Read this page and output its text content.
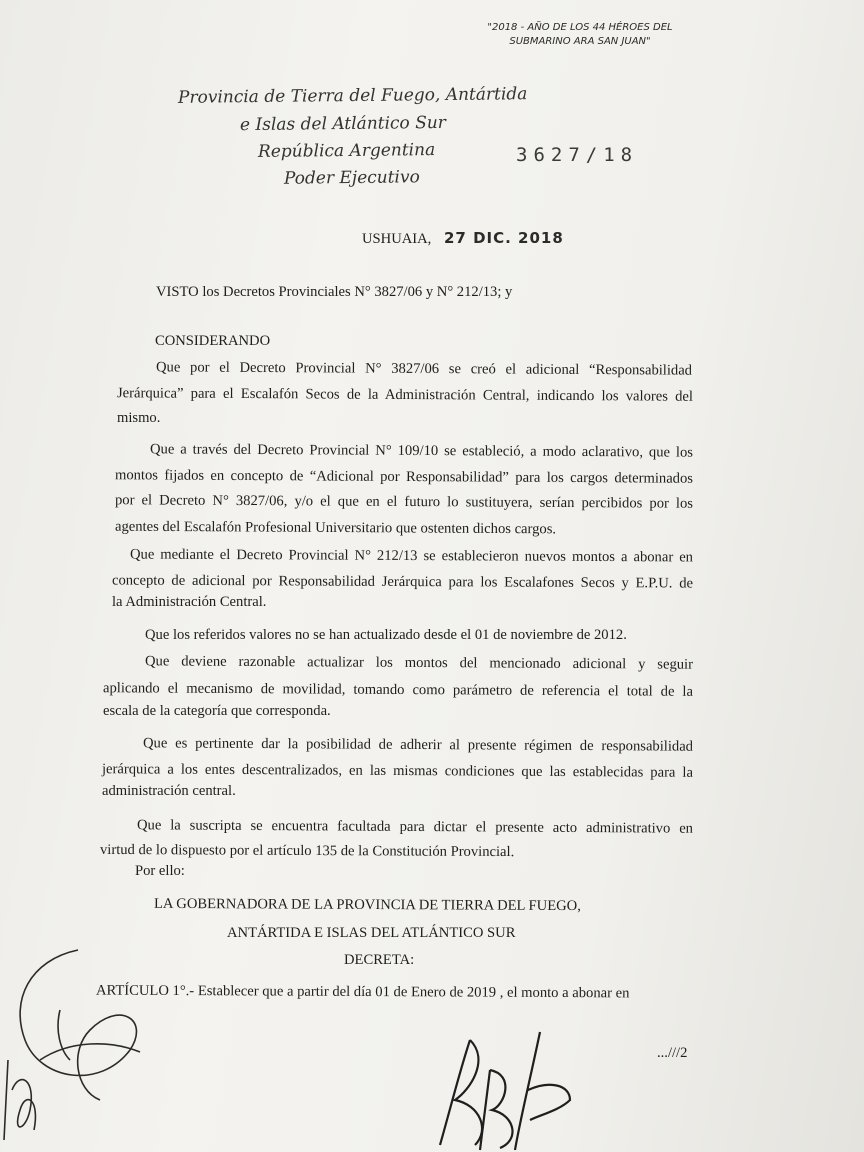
"2018 - AÑO DE LOS 44 HÉROES DEL
SUBMARINO ARA SAN JUAN"
Provincia de Tierra del Fuego, Antártida
e Islas del Atlántico Sur
República Argentina
Poder Ejecutivo
3627/18
USHUAIA, 27 DIC. 2018
VISTO los Decretos Provinciales N° 3827/06 y N° 212/13; y
CONSIDERANDO
Que por el Decreto Provincial N° 3827/06 se creó el adicional “Responsabilidad
Jerárquica” para el Escalafón Secos de la Administración Central, indicando los valores del
mismo.
Que a través del Decreto Provincial N° 109/10 se estableció, a modo aclarativo, que los
montos fijados en concepto de “Adicional por Responsabilidad” para los cargos determinados
por el Decreto N° 3827/06, y/o el que en el futuro lo sustituyera, serían percibidos por los
agentes del Escalafón Profesional Universitario que ostenten dichos cargos.
Que mediante el Decreto Provincial N° 212/13 se establecieron nuevos montos a abonar en
concepto de adicional por Responsabilidad Jerárquica para los Escalafones Secos y E.P.U. de
la Administración Central.
Que los referidos valores no se han actualizado desde el 01 de noviembre de 2012.
Que deviene razonable actualizar los montos del mencionado adicional y seguir
aplicando el mecanismo de movilidad, tomando como parámetro de referencia el total de la
escala de la categoría que corresponda.
Que es pertinente dar la posibilidad de adherir al presente régimen de responsabilidad
jerárquica a los entes descentralizados, en las mismas condiciones que las establecidas para la
administración central.
Que la suscripta se encuentra facultada para dictar el presente acto administrativo en
virtud de lo dispuesto por el artículo 135 de la Constitución Provincial.
Por ello:
LA GOBERNADORA DE LA PROVINCIA DE TIERRA DEL FUEGO,
ANTÁRTIDA E ISLAS DEL ATLÁNTICO SUR
DECRETA:
ARTÍCULO 1°.- Establecer que a partir del día 01 de Enero de 2019 , el monto a abonar en
...///2
